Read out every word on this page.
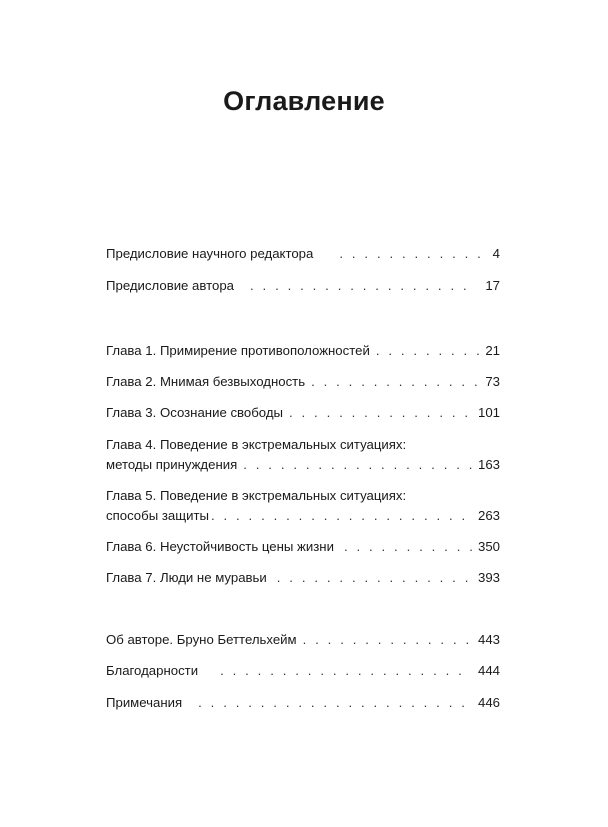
Оглавление
Предисловие научного редактора . . .	4
Предисловие автора . . .	17
Глава 1. Примирение противоположностей . . .	21
Глава 2. Мнимая безвыходность . . .	73
Глава 3. Осознание свободы . . .	101
Глава 4. Поведение в экстремальных ситуациях:
методы принуждения . . .	163
Глава 5. Поведение в экстремальных ситуациях:
способы защиты . . .	263
Глава 6. Неустойчивость цены жизни . . .	350
Глава 7. Люди не муравьи . . .	393
Об авторе. Бруно Беттельхейм . . .	443
Благодарности . . .	444
Примечания . . .	446
